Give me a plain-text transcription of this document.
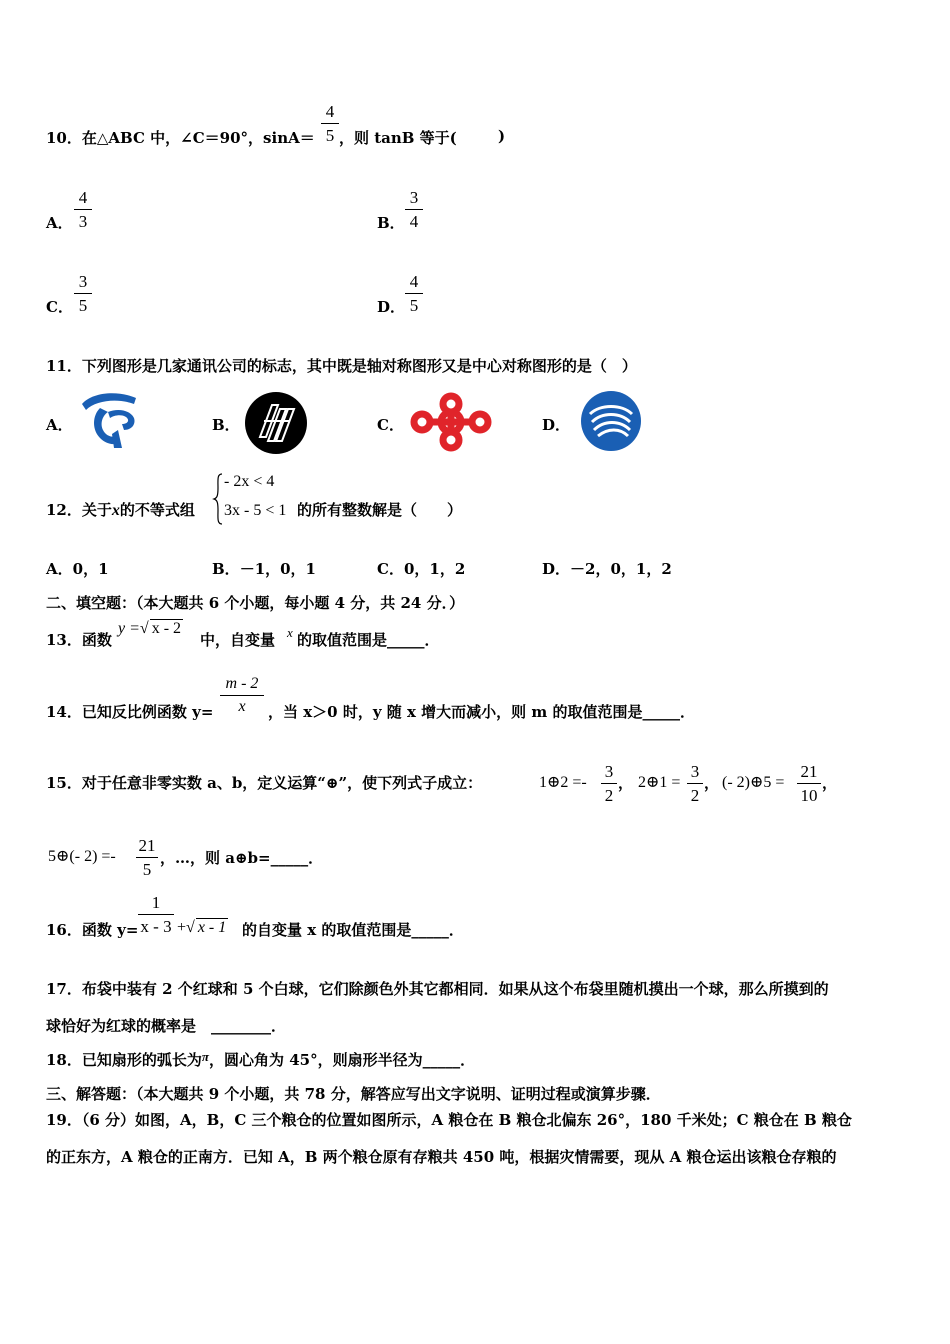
10．在△ABC 中，∠C＝90°，sinA＝
4
5 ，则 tanB 等于(	)
A．
4
3	B．
3
4
C．
3
5	D．
4
5
11．下列图形是几家通讯公司的标志，其中既是轴对称图形又是中心对称图形的是（　）
A．	B．	C．	D．
12．关于x的不等式组
- 2x < 4
3x - 5 < 1 的所有整数解是（　　）
A．0，1	B．－1，0，1	C．0，1，2	D．－2，0，1，2
二、填空题：（本大题共 6 个小题，每小题 4 分，共 24 分．）
13．函数
y =√ x - 2
中，自变量 x 的取值范围是_____．
14．已知反比例函数 y=
m - 2
x	，当 x＞0 时，y 随 x 增大而减小，则 m 的取值范围是_____．
15．对于任意非零实数 a、b，定义运算“⊕”，使下列式子成立：	1⊕2 =-
3
2
， 2⊕1 =
3
2
， (- 2)⊕5 =
21
10
，
5⊕(- 2) =-
21
5
，…，则 a⊕b=_____．
16．函数 y=
1
x - 3 +√ x - 1 的自变量 x 的取值范围是_____．
17．布袋中装有 2 个红球和 5 个白球，它们除颜色外其它都相同．如果从这个布袋里随机摸出一个球，那么所摸到的
球恰好为红球的概率是　________．
18．已知扇形的弧长为π，圆心角为 45°，则扇形半径为_____．
三、解答题：（本大题共 9 个小题，共 78 分，解答应写出文字说明、证明过程或演算步骤．
19．（6 分）如图，A，B，C 三个粮仓的位置如图所示，A 粮仓在 B 粮仓北偏东 26°，180 千米处；C 粮仓在 B 粮仓
的正东方，A 粮仓的正南方．已知 A，B 两个粮仓原有存粮共 450 吨，根据灾情需要，现从 A 粮仓运出该粮仓存粮的
